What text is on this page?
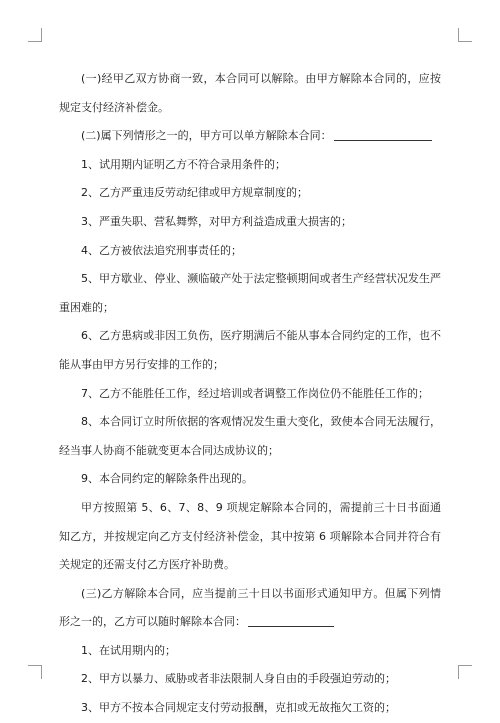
(一)经甲乙双方协商一致，本合同可以解除。由甲方解除本合同的，应按规定支付经济补偿金。

(二)属下列情形之一的，甲方可以单方解除本合同：

1、试用期内证明乙方不符合录用条件的；

2、乙方严重违反劳动纪律或甲方规章制度的；

3、严重失职、营私舞弊，对甲方利益造成重大损害的；

4、乙方被依法追究刑事责任的；

5、甲方歇业、停业、濒临破产处于法定整顿期间或者生产经营状况发生严重困难的；

6、乙方患病或非因工负伤，医疗期满后不能从事本合同约定的工作，也不能从事由甲方另行安排的工作的；

7、乙方不能胜任工作，经过培训或者调整工作岗位仍不能胜任工作的；

8、本合同订立时所依据的客观情况发生重大变化，致使本合同无法履行，经当事人协商不能就变更本合同达成协议的；

9、本合同约定的解除条件出现的。

甲方按照第 5、6、7、8、9 项规定解除本合同的，需提前三十日书面通知乙方，并按规定向乙方支付经济补偿金，其中按第 6 项解除本合同并符合有关规定的还需支付乙方医疗补助费。

(三)乙方解除本合同，应当提前三十日以书面形式通知甲方。但属下列情形之一的，乙方可以随时解除本合同：

1、在试用期内的；

2、甲方以暴力、威胁或者非法限制人身自由的手段强迫劳动的；

3、甲方不按本合同规定支付劳动报酬，克扣或无故拖欠工资的；
